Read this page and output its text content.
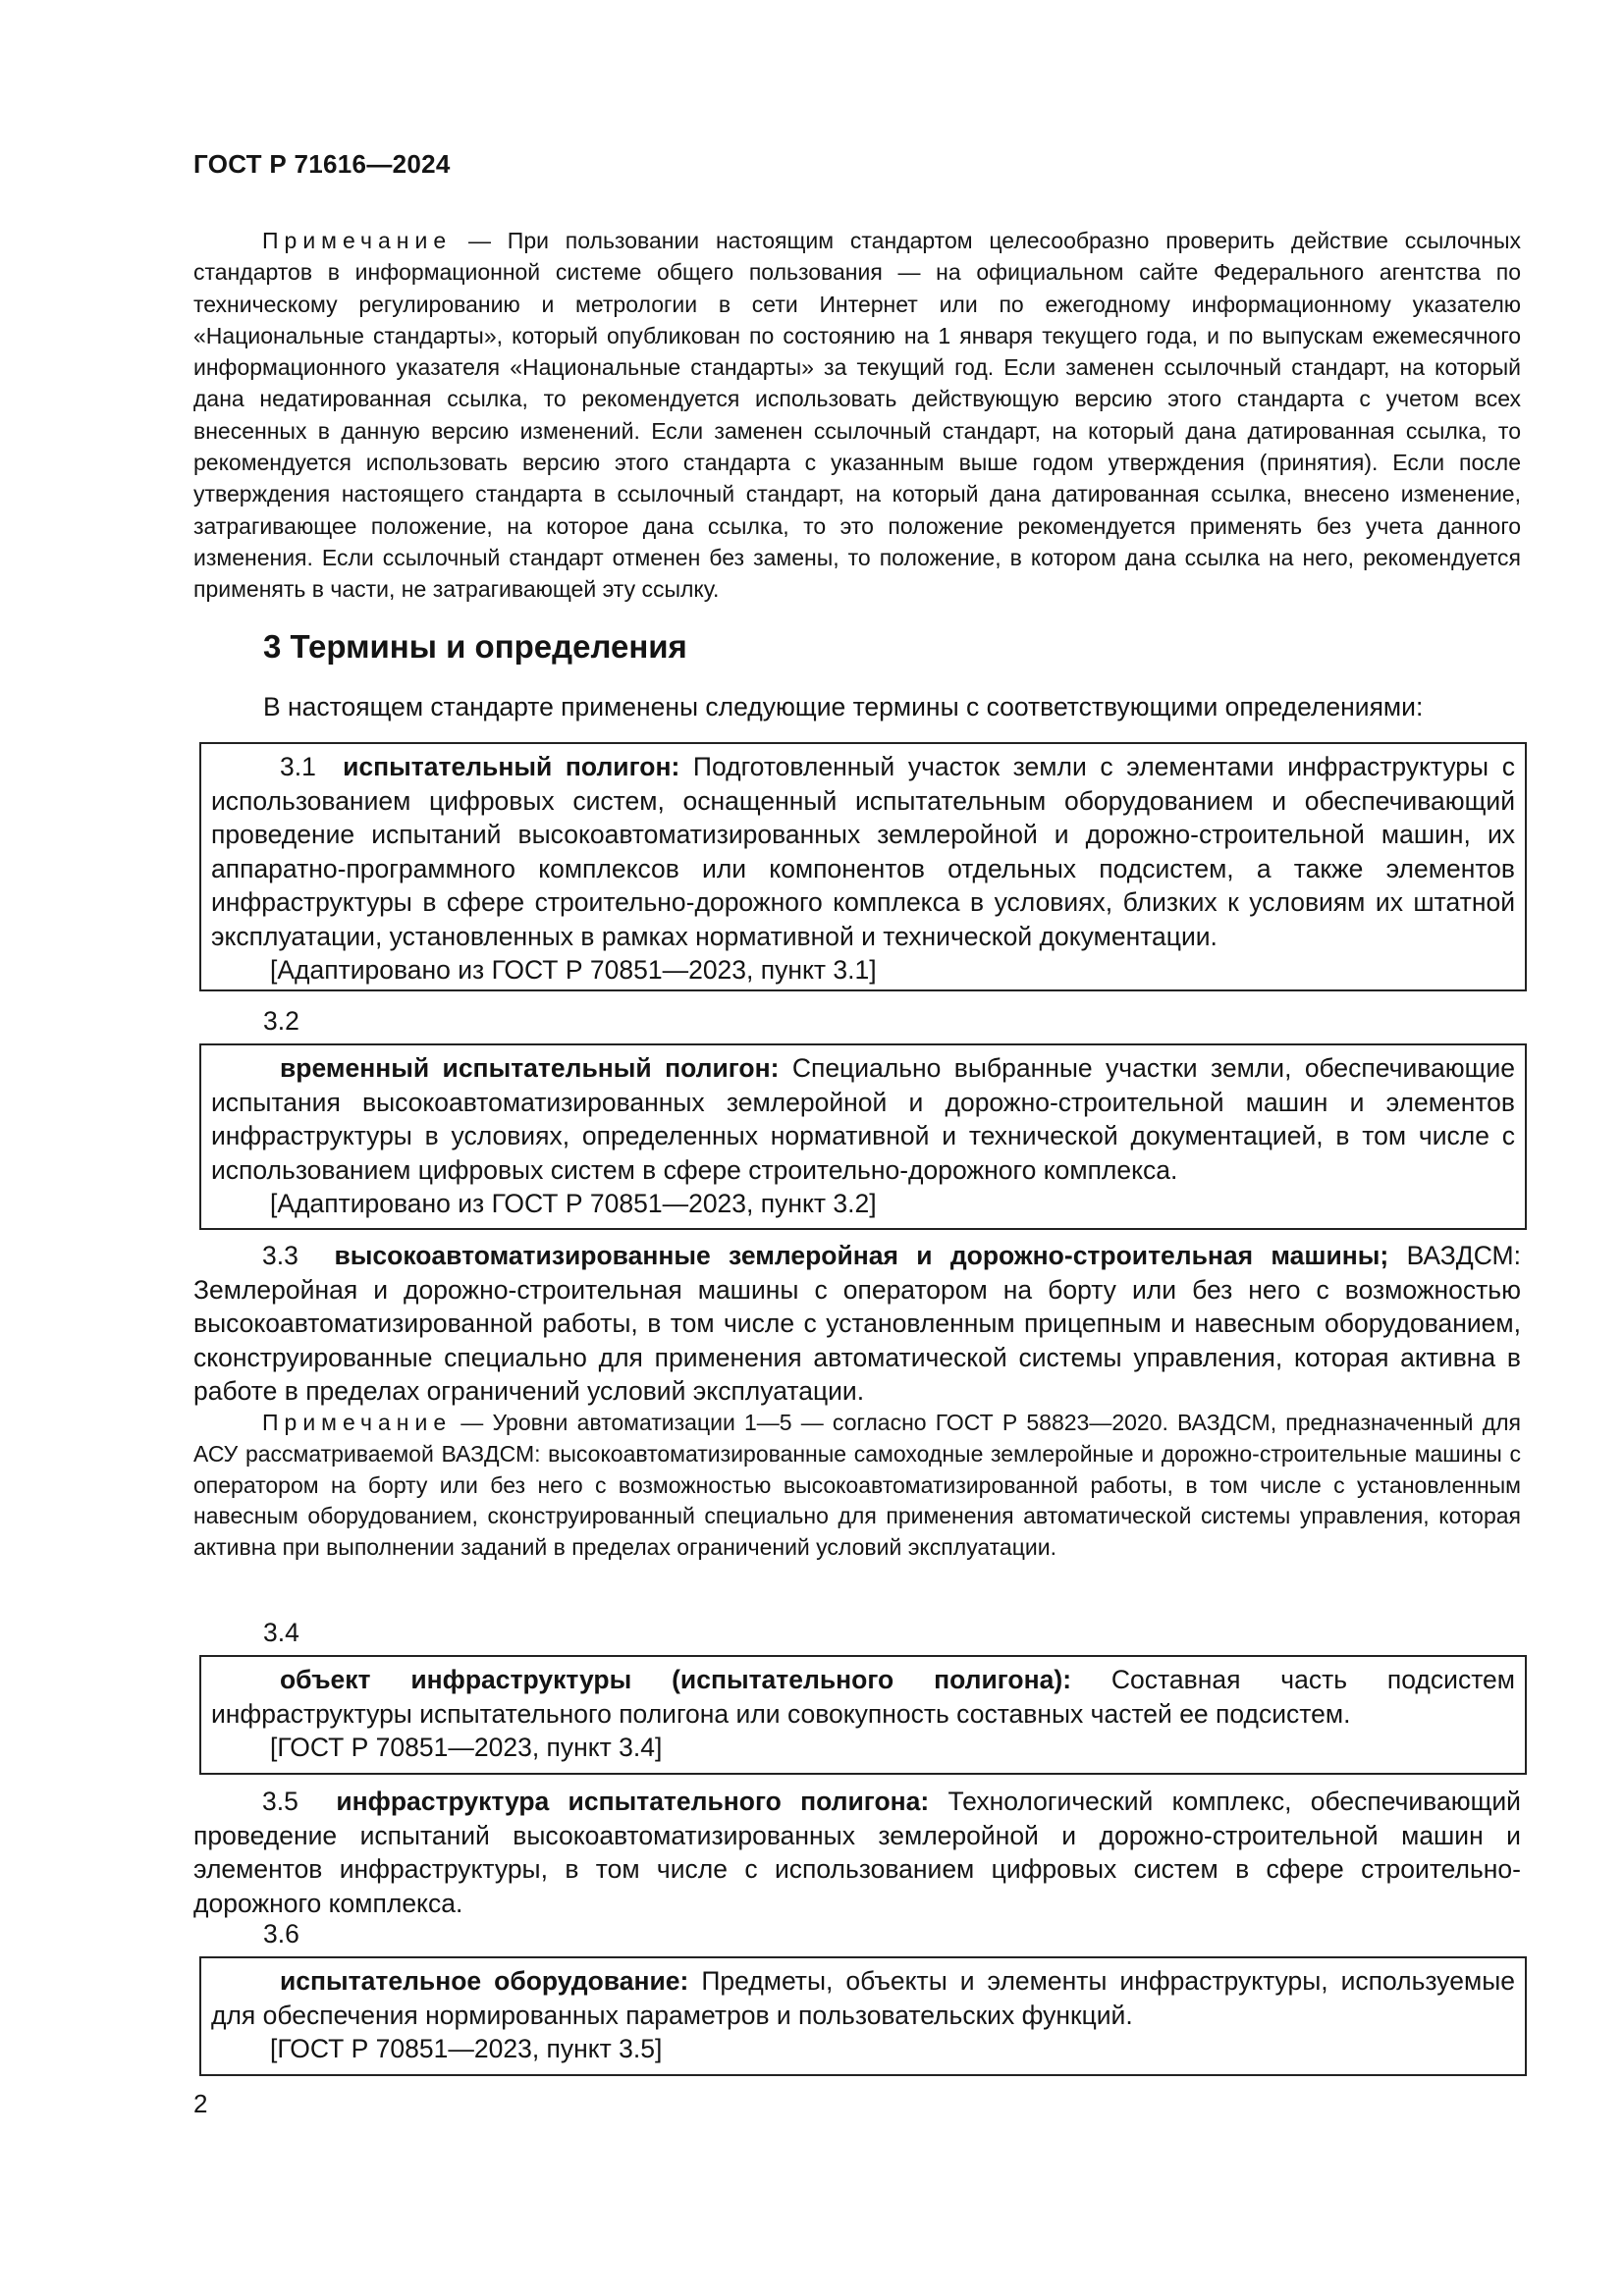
ГОСТ Р 71616—2024
Примечание — При пользовании настоящим стандартом целесообразно проверить действие ссылочных стандартов в информационной системе общего пользования — на официальном сайте Федерального агентства по техническому регулированию и метрологии в сети Интернет или по ежегодному информационному указателю «Национальные стандарты», который опубликован по состоянию на 1 января текущего года, и по выпускам ежемесячного информационного указателя «Национальные стандарты» за текущий год. Если заменен ссылочный стандарт, на который дана недатированная ссылка, то рекомендуется использовать действующую версию этого стандарта с учетом всех внесенных в данную версию изменений. Если заменен ссылочный стандарт, на который дана датированная ссылка, то рекомендуется использовать версию этого стандарта с указанным выше годом утверждения (принятия). Если после утверждения настоящего стандарта в ссылочный стандарт, на который дана датированная ссылка, внесено изменение, затрагивающее положение, на которое дана ссылка, то это положение рекомендуется применять без учета данного изменения. Если ссылочный стандарт отменен без замены, то положение, в котором дана ссылка на него, рекомендуется применять в части, не затрагивающей эту ссылку.
3 Термины и определения
В настоящем стандарте применены следующие термины с соответствующими определениями:
3.1 испытательный полигон: Подготовленный участок земли с элементами инфраструктуры с использованием цифровых систем, оснащенный испытательным оборудованием и обеспечивающий проведение испытаний высокоавтоматизированных землеройной и дорожно-строительной машин, их аппаратно-программного комплексов или компонентов отдельных подсистем, а также элементов инфраструктуры в сфере строительно-дорожного комплекса в условиях, близких к условиям их штатной эксплуатации, установленных в рамках нормативной и технической документации.
[Адаптировано из ГОСТ Р 70851—2023, пункт 3.1]
3.2
временный испытательный полигон: Специально выбранные участки земли, обеспечивающие испытания высокоавтоматизированных землеройной и дорожно-строительной машин и элементов инфраструктуры в условиях, определенных нормативной и технической документацией, в том числе с использованием цифровых систем в сфере строительно-дорожного комплекса.
[Адаптировано из ГОСТ Р 70851—2023, пункт 3.2]
3.3 высокоавтоматизированные землеройная и дорожно-строительная машины; ВАЗДСМ: Землеройная и дорожно-строительная машины с оператором на борту или без него с возможностью высокоавтоматизированной работы, в том числе с установленным прицепным и навесным оборудованием, сконструированные специально для применения автоматической системы управления, которая активна в работе в пределах ограничений условий эксплуатации.
Примечание — Уровни автоматизации 1—5 — согласно ГОСТ Р 58823—2020. ВАЗДСМ, предназначенный для АСУ рассматриваемой ВАЗДСМ: высокоавтоматизированные самоходные землеройные и дорожно-строительные машины с оператором на борту или без него с возможностью высокоавтоматизированной работы, в том числе с установленным навесным оборудованием, сконструированный специально для применения автоматической системы управления, которая активна при выполнении заданий в пределах ограничений условий эксплуатации.
3.4
объект инфраструктуры (испытательного полигона): Составная часть подсистем инфраструктуры испытательного полигона или совокупность составных частей ее подсистем.
[ГОСТ Р 70851—2023, пункт 3.4]
3.5 инфраструктура испытательного полигона: Технологический комплекс, обеспечивающий проведение испытаний высокоавтоматизированных землеройной и дорожно-строительной машин и элементов инфраструктуры, в том числе с использованием цифровых систем в сфере строительно-дорожного комплекса.
3.6
испытательное оборудование: Предметы, объекты и элементы инфраструктуры, используемые для обеспечения нормированных параметров и пользовательских функций.
[ГОСТ Р 70851—2023, пункт 3.5]
2
